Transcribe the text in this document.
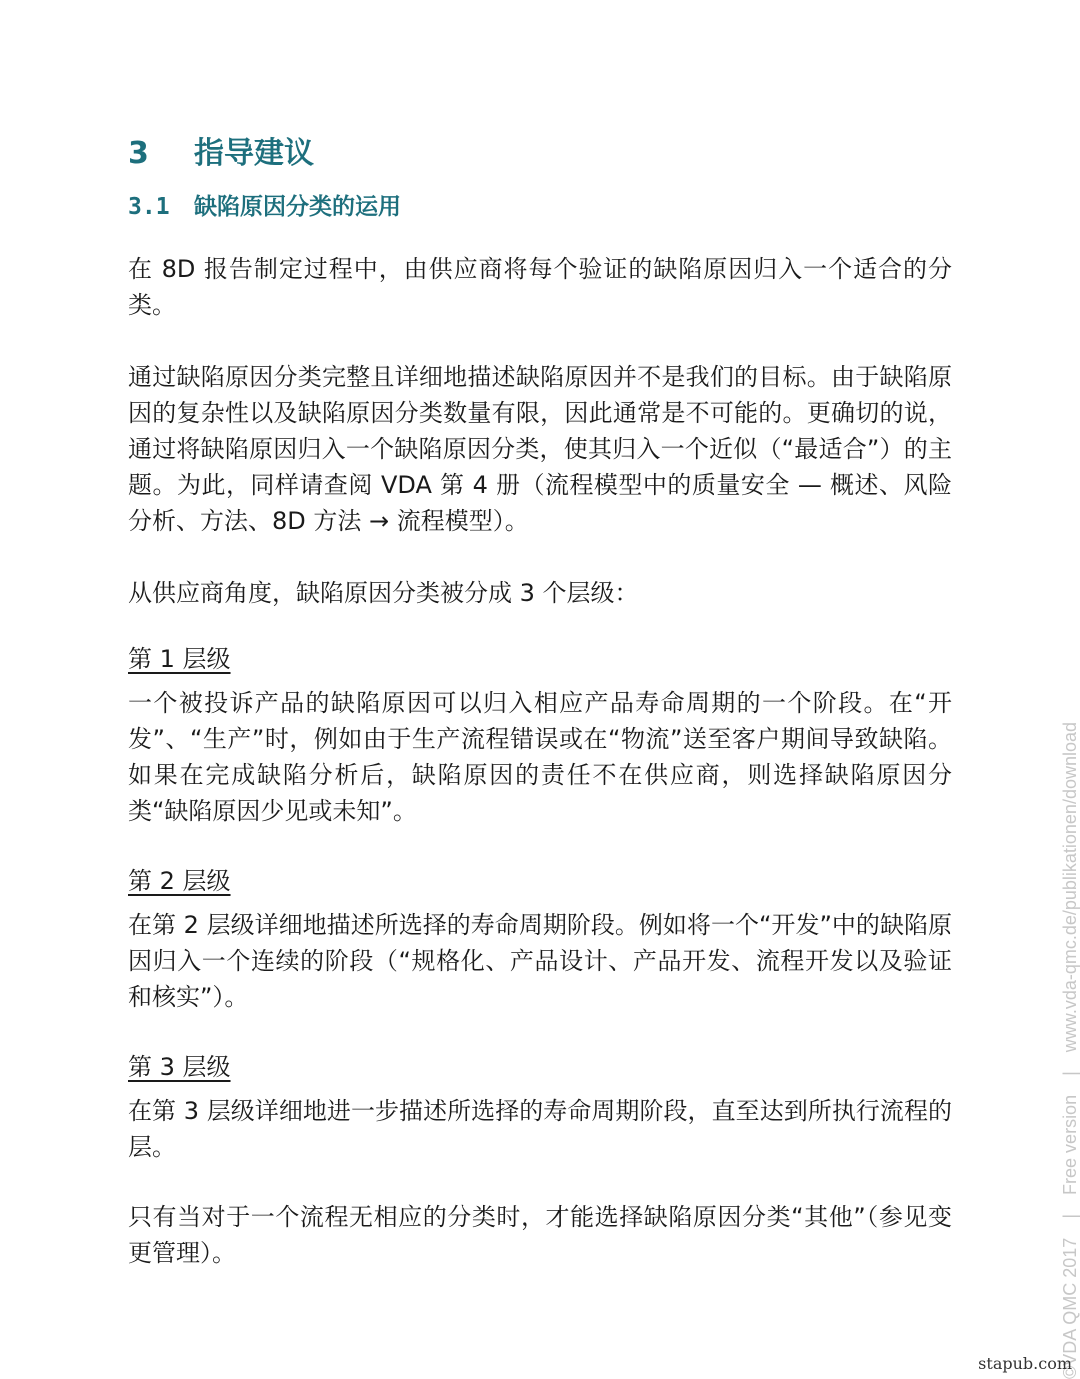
3 指导建议
3.1 缺陷原因分类的运用

在 8D 报告制定过程中，由供应商将每个验证的缺陷原因归入一个适合的分类。

通过缺陷原因分类完整且详细地描述缺陷原因并不是我们的目标。由于缺陷原因的复杂性以及缺陷原因分类数量有限，因此通常是不可能的。更确切的说，通过将缺陷原因归入一个缺陷原因分类，使其归入一个近似（“最适合”）的主题。为此，同样请查阅 VDA 第 4 册（流程模型中的质量安全 — 概述、风险分析、方法、8D 方法 → 流程模型）。

从供应商角度，缺陷原因分类被分成 3 个层级：

第 1 层级

一个被投诉产品的缺陷原因可以归入相应产品寿命周期的一个阶段。在“开发”、“生产”时，例如由于生产流程错误或在“物流”送至客户期间导致缺陷。如果在完成缺陷分析后，缺陷原因的责任不在供应商，则选择缺陷原因分类“缺陷原因少见或未知”。

第 2 层级

在第 2 层级详细地描述所选择的寿命周期阶段。例如将一个“开发”中的缺陷原因归入一个连续的阶段（“规格化、产品设计、产品开发、流程开发以及验证和核实”）。

第 3 层级

在第 3 层级详细地进一步描述所选择的寿命周期阶段，直至达到所执行流程的层。

只有当对于一个流程无相应的分类时，才能选择缺陷原因分类“其他”（参见变更管理）。	©VDA QMC 2017 | Free version | www.vda-qmc.de/publikationen/download
stapub.com
